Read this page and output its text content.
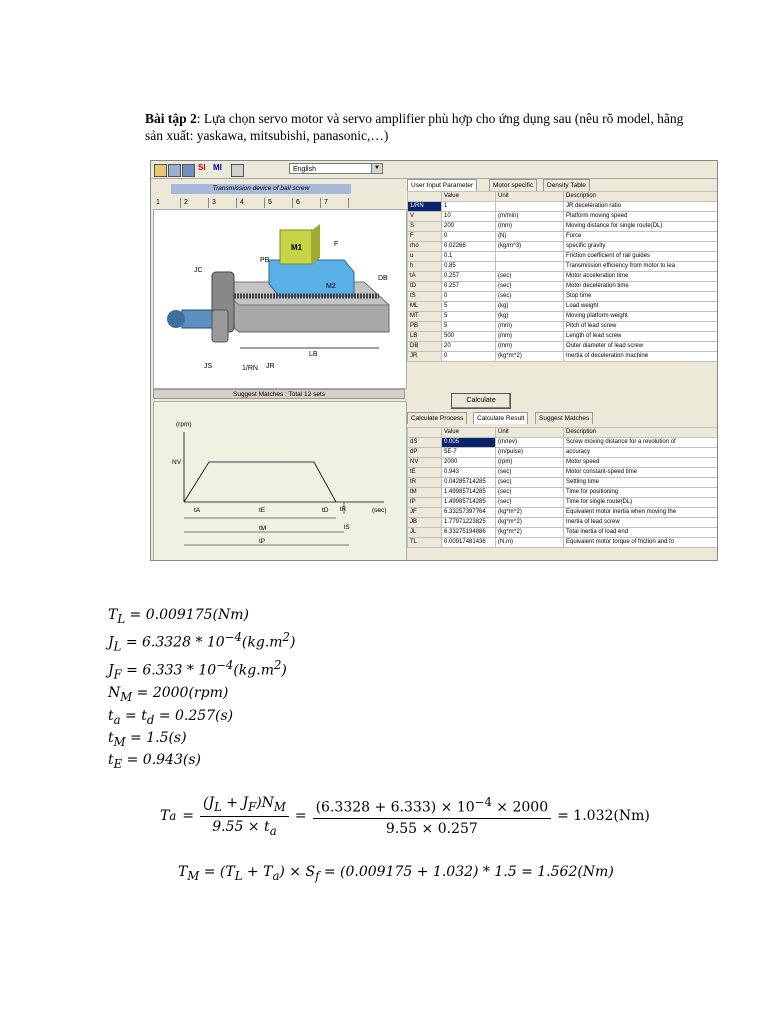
Bài tập 2: Lựa chọn servo motor và servo amplifier phù hợp cho ứng dụng sau (nêu rõ model, hãng sản xuất: yaskawa, mitsubishi, panasonic,…)
SI MI	English	▼
Transmission device of ball screw
1	2	3	4	5	6	7
JC
PB
M1	F
DB
M2
LB
JS	1/RN JR
Suggest Matches : Total 12 sets
(rpm)
NV
(sec)
tA	tE	tD tR
tS
tM
tP
User Input Parameter	Motor specific	Density Table
	Value	Unit	Description
1/RN	1		JR deceleration ratio
V	10	(m/min)	Platform moving speed
S	200	(mm)	Moving distance for single route(DL)
F	0	(N)	Force
rho	0.02266	(kg/m^3)	specific gravity
u	0.1		Friction coefficient of rail guides
h	0.85		Transmission efficiency from motor to lea
tA	0.257	(sec)	Motor acceleration time
tD	0.257	(sec)	Motor deceleration time
tS	0	(sec)	Stop time
ML	5	(kg)	Load weight
MT	5	(kg)	Moving platform weight
PB	5	(mm)	Pitch of lead screw
LB	500	(mm)	Length of lead screw
DB	20	(mm)	Outer diameter of lead screw
JR	0	(kg*m^2)	Inertia of deceleration machine
Calculate
Calculate Process	Calculate Result	Suggest Matches
	Value	Unit	Description
dS	0.005	(m/rev)	Screw moving distance for a revolution of
dP	5E-7	(m/pulse)	accuracy
NV	2000	(rpm)	Motor speed
tE	0.943	(sec)	Motor constant-speed time
tR	0.04285714285	(sec)	Settling time
tM	1.49985714285	(sec)	Time for positioning
tP	1.49985714285	(sec)	Time for single route(DL)
JF	6.33257397764	(kg*m^2)	Equivalent motor inertia when moving the
JB	1.77971223825	(kg*m^2)	Inertia of lead screw
JL	6.33275194886	(kg*m^2)	Total inertia of load end
TL	0.00917481436	(N.m)	Equivalent motor torque of friction and fo
$T_L = 0.009175(Nm)$
$J_L = 6.3328 * 10^{-4}(kg.m^2)$
$J_F = 6.333 * 10^{-4}(kg.m^2)$
$N_M = 2000(rpm)$
$t_a = t_d = 0.257(s)$
$t_M = 1.5(s)$
$t_E = 0.943(s)$
T $a = \frac{(J_L + J_F)N_M}{9.55 \times t_a} = \frac{(6.3328 + 6.333) \times 10^{-4} \times 2000}{9.55 \times 0.257} = 1.032(Nm)$
$T_M = (T_L + T_a) \times S_f = (0.009175 + 1.032) * 1.5 = 1.562(Nm)$
